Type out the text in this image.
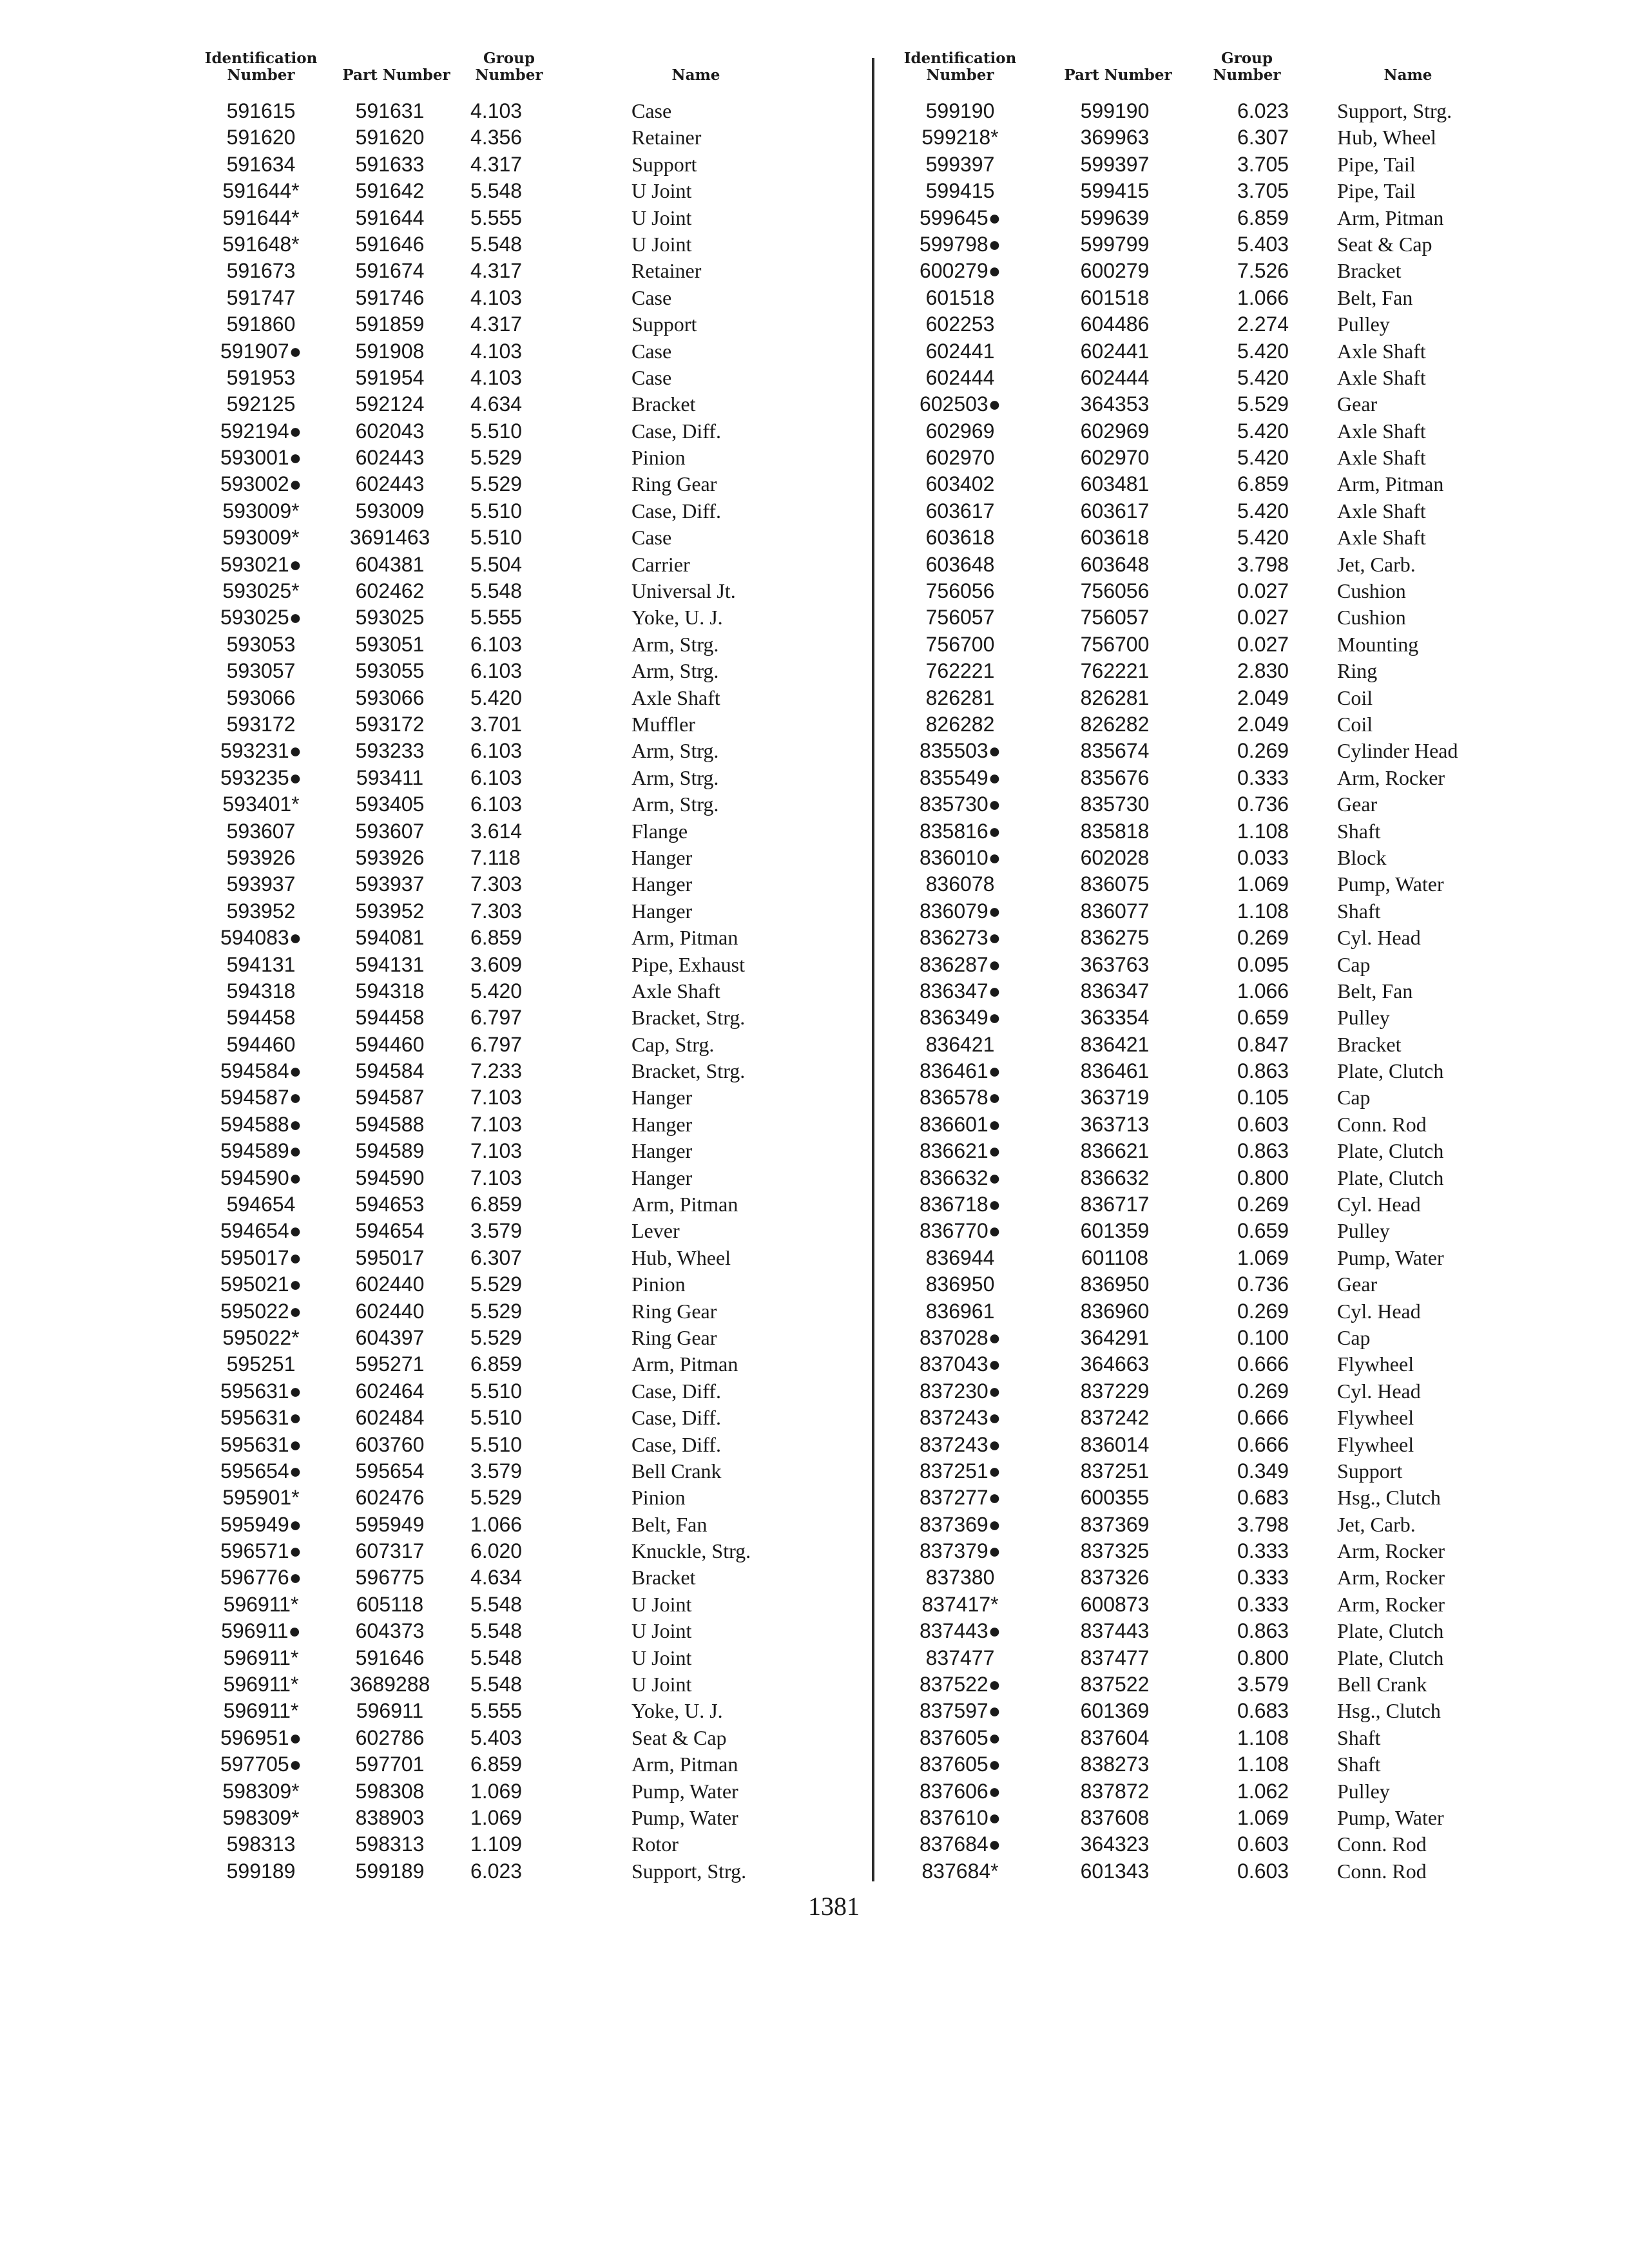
Identification Number	Part Number
Group Number	Name
591615	591631	4.103	Case
591620	591620	4.356	Retainer
591634	591633	4.317	Support
591644*	591642	5.548	U Joint
591644*	591644	5.555	U Joint
591648*	591646	5.548	U Joint
591673	591674	4.317	Retainer
591747	591746	4.103	Case
591860	591859	4.317	Support
591907●	591908	4.103	Case
591953	591954	4.103	Case
592125	592124	4.634	Bracket
592194●	602043	5.510	Case, Diff.
593001●	602443	5.529	Pinion
593002●	602443	5.529	Ring Gear
593009*	593009	5.510	Case, Diff.
593009*	3691463	5.510	Case
593021●	604381	5.504	Carrier
593025*	602462	5.548	Universal Jt.
593025●	593025	5.555	Yoke, U. J.
593053	593051	6.103	Arm, Strg.
593057	593055	6.103	Arm, Strg.
593066	593066	5.420	Axle Shaft
593172	593172	3.701	Muffler
593231●	593233	6.103	Arm, Strg.
593235●	593411	6.103	Arm, Strg.
593401*	593405	6.103	Arm, Strg.
593607	593607	3.614	Flange
593926	593926	7.118	Hanger
593937	593937	7.303	Hanger
593952	593952	7.303	Hanger
594083●	594081	6.859	Arm, Pitman
594131	594131	3.609	Pipe, Exhaust
594318	594318	5.420	Axle Shaft
594458	594458	6.797	Bracket, Strg.
594460	594460	6.797	Cap, Strg.
594584●	594584	7.233	Bracket, Strg.
594587●	594587	7.103	Hanger
594588●	594588	7.103	Hanger
594589●	594589	7.103	Hanger
594590●	594590	7.103	Hanger
594654	594653	6.859	Arm, Pitman
594654●	594654	3.579	Lever
595017●	595017	6.307	Hub, Wheel
595021●	602440	5.529	Pinion
595022●	602440	5.529	Ring Gear
595022*	604397	5.529	Ring Gear
595251	595271	6.859	Arm, Pitman
595631●	602464	5.510	Case, Diff.
595631●	602484	5.510	Case, Diff.
595631●	603760	5.510	Case, Diff.
595654●	595654	3.579	Bell Crank
595901*	602476	5.529	Pinion
595949●	595949	1.066	Belt, Fan
596571●	607317	6.020	Knuckle, Strg.
596776●	596775	4.634	Bracket
596911*	605118	5.548	U Joint
596911●	604373	5.548	U Joint
596911*	591646	5.548	U Joint
596911*	3689288	5.548	U Joint
596911*	596911	5.555	Yoke, U. J.
596951●	602786	5.403	Seat & Cap
597705●	597701	6.859	Arm, Pitman
598309*	598308	1.069	Pump, Water
598309*	838903	1.069	Pump, Water
598313	598313	1.109	Rotor
599189	599189	6.023	Support, Strg.
Identification Number	Part Number
Group Number	Name
599190	599190	6.023 Support, Strg.
599218*	369963	6.307 Hub, Wheel
599397	599397	3.705 Pipe, Tail
599415	599415	3.705 Pipe, Tail
599645●	599639	6.859 Arm, Pitman
599798●	599799	5.403 Seat & Cap
600279●	600279	7.526 Bracket
601518	601518	1.066 Belt, Fan
602253	604486	2.274 Pulley
602441	602441	5.420 Axle Shaft
602444	602444	5.420 Axle Shaft
602503●	364353	5.529 Gear
602969	602969	5.420 Axle Shaft
602970	602970	5.420 Axle Shaft
603402	603481	6.859 Arm, Pitman
603617	603617	5.420 Axle Shaft
603618	603618	5.420 Axle Shaft
603648	603648	3.798 Jet, Carb.
756056	756056	0.027 Cushion
756057	756057	0.027 Cushion
756700	756700	0.027 Mounting
762221	762221	2.830 Ring
826281	826281	2.049 Coil
826282	826282	2.049 Coil
835503●	835674	0.269 Cylinder Head
835549●	835676	0.333 Arm, Rocker
835730●	835730	0.736 Gear
835816●	835818	1.108 Shaft
836010●	602028	0.033 Block
836078	836075	1.069 Pump, Water
836079●	836077	1.108 Shaft
836273●	836275	0.269 Cyl. Head
836287●	363763	0.095 Cap
836347●	836347	1.066 Belt, Fan
836349●	363354	0.659 Pulley
836421	836421	0.847 Bracket
836461●	836461	0.863 Plate, Clutch
836578●	363719	0.105 Cap
836601●	363713	0.603 Conn. Rod
836621●	836621	0.863 Plate, Clutch
836632●	836632	0.800 Plate, Clutch
836718●	836717	0.269 Cyl. Head
836770●	601359	0.659 Pulley
836944	601108	1.069 Pump, Water
836950	836950	0.736 Gear
836961	836960	0.269 Cyl. Head
837028●	364291	0.100 Cap
837043●	364663	0.666 Flywheel
837230●	837229	0.269 Cyl. Head
837243●	837242	0.666 Flywheel
837243●	836014	0.666 Flywheel
837251●	837251	0.349 Support
837277●	600355	0.683 Hsg., Clutch
837369●	837369	3.798 Jet, Carb.
837379●	837325	0.333 Arm, Rocker
837380	837326	0.333 Arm, Rocker
837417*	600873	0.333 Arm, Rocker
837443●	837443	0.863 Plate, Clutch
837477	837477	0.800 Plate, Clutch
837522●	837522	3.579 Bell Crank
837597●	601369	0.683 Hsg., Clutch
837605●	837604	1.108 Shaft
837605●	838273	1.108 Shaft
837606●	837872	1.062 Pulley
837610●	837608	1.069 Pump, Water
837684●	364323	0.603 Conn. Rod
837684*	601343	0.603 Conn. Rod
1381
